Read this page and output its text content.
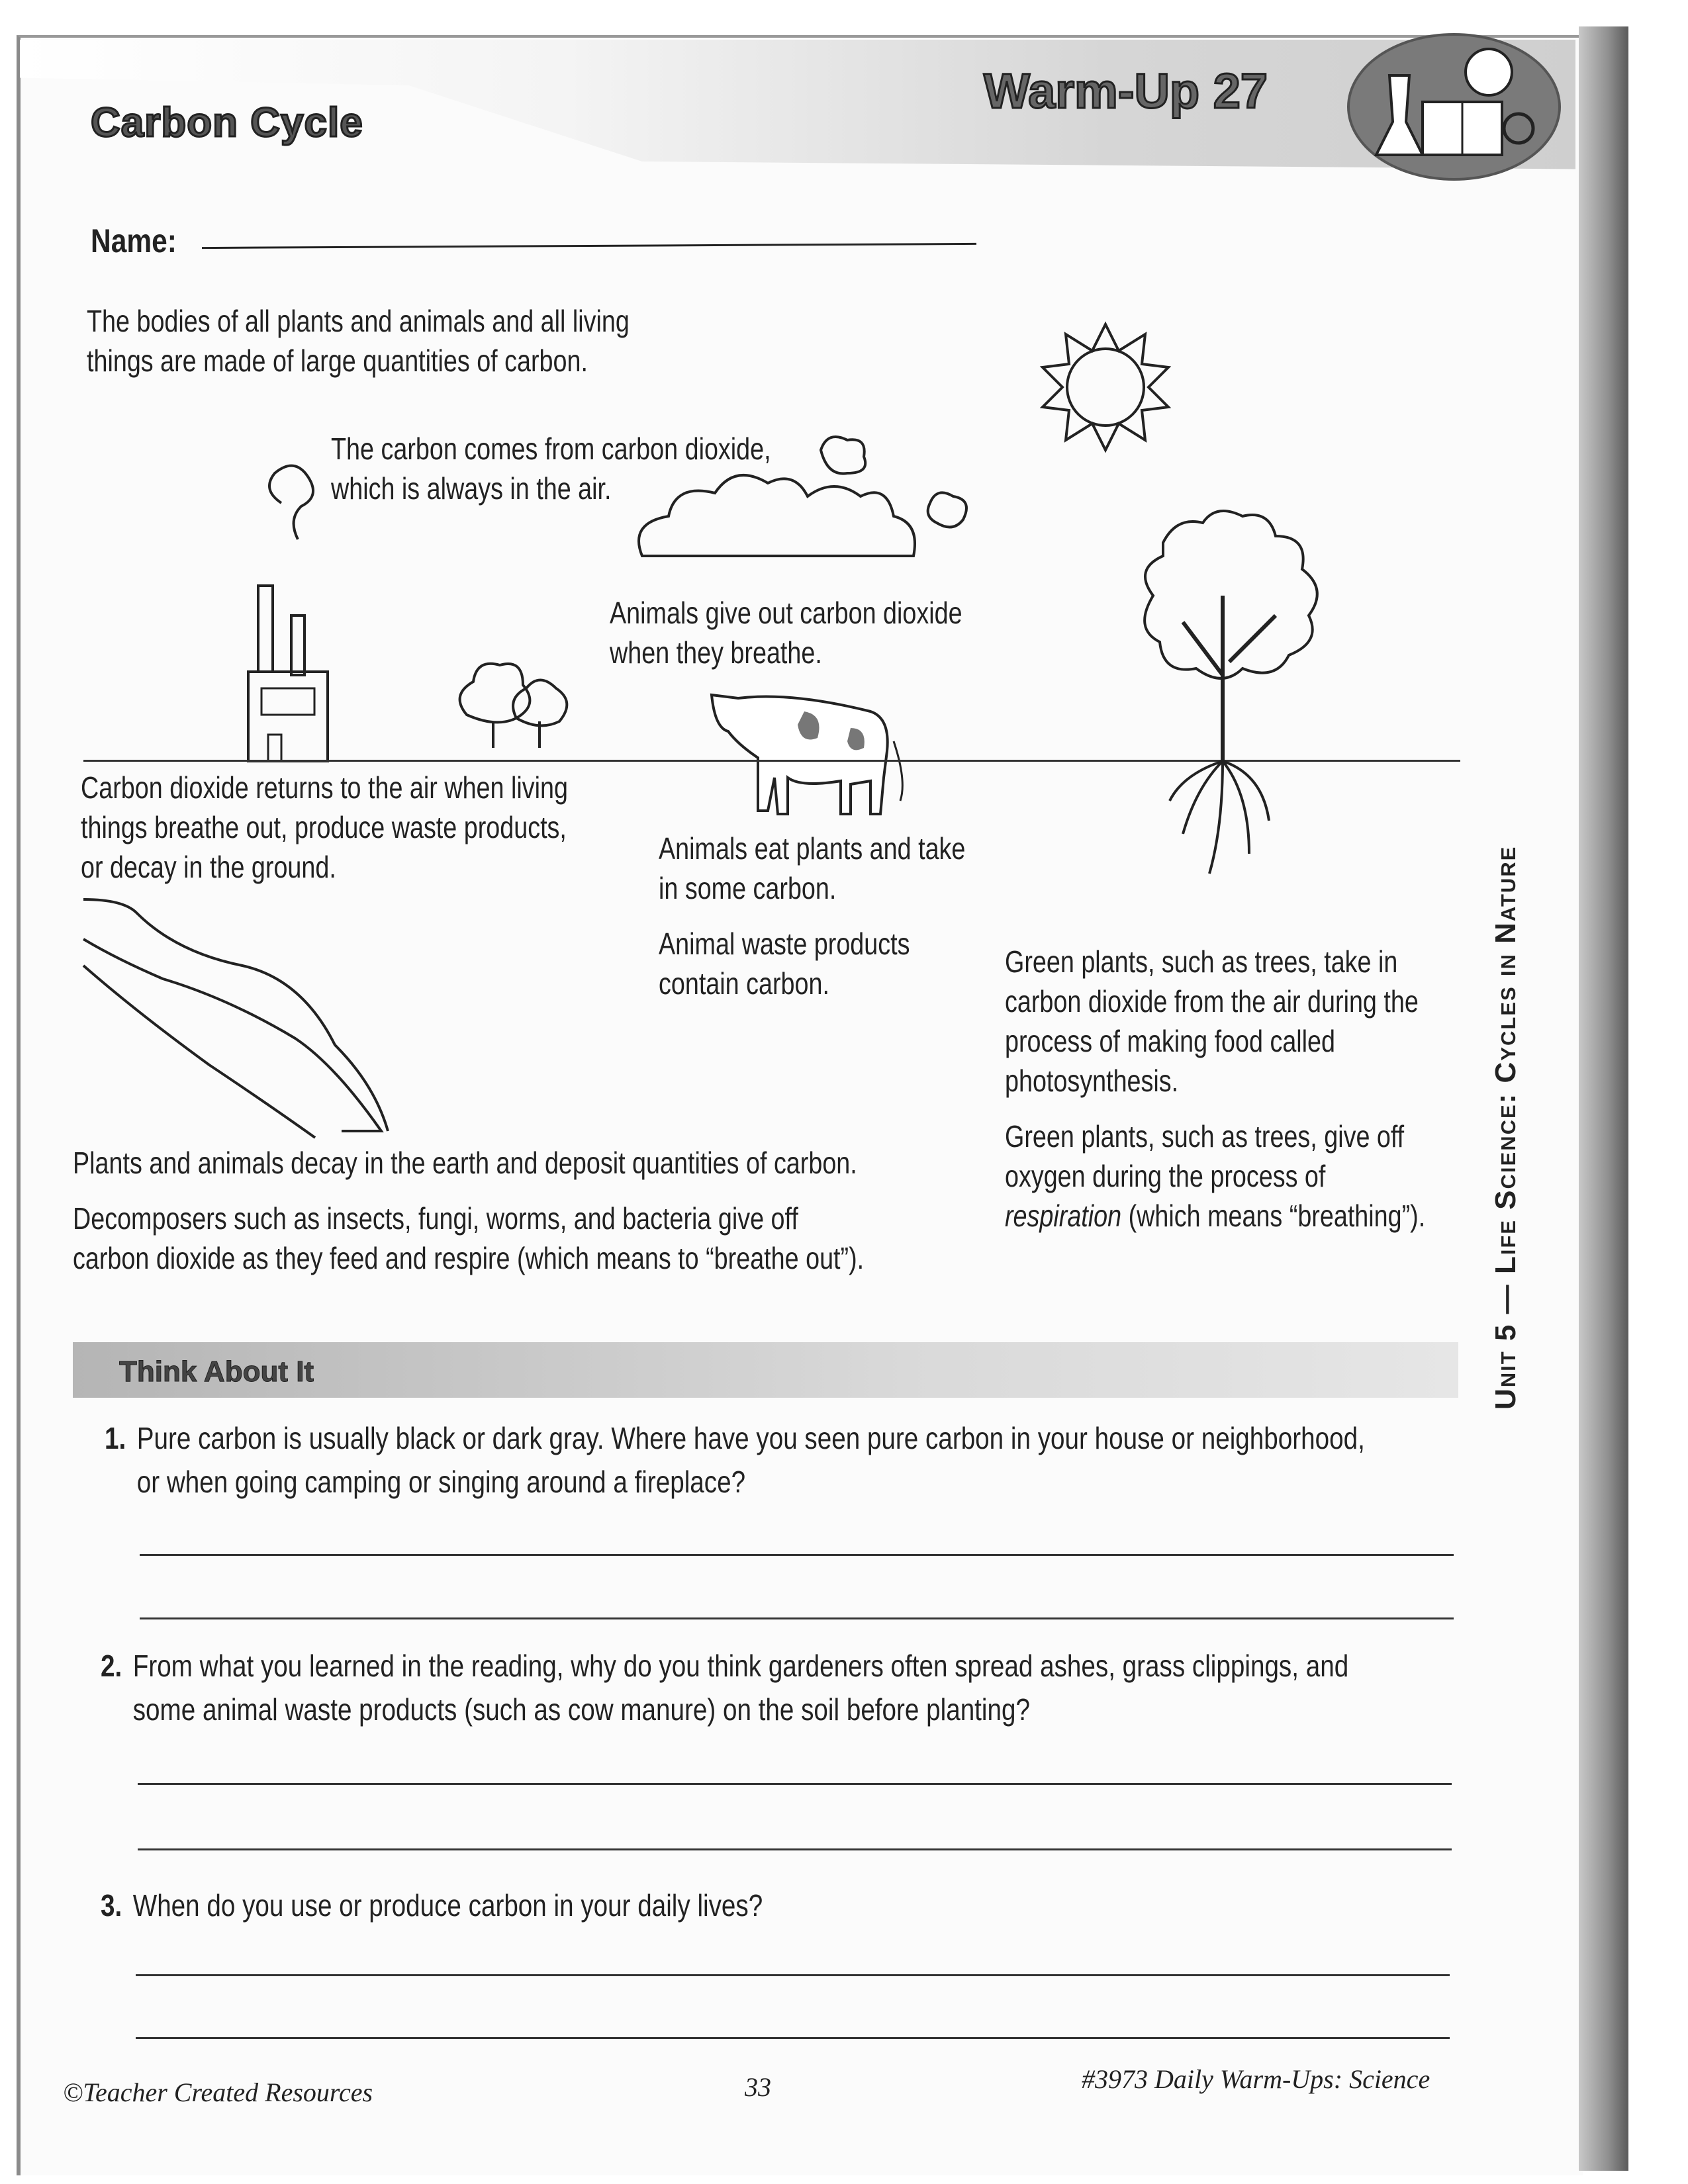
Carbon Cycle
Warm-Up 27
Name:
The bodies of all plants and animals and all living
things are made of large quantities of carbon.
The carbon comes from carbon dioxide,
which is always in the air.
Animals give out carbon dioxide
when they breathe.
Carbon dioxide returns to the air when living
things breathe out, produce waste products,
or decay in the ground.
Animals eat plants and take
in some carbon.
Animal waste products
contain carbon.
Green plants, such as trees, take in
carbon dioxide from the air during the
process of making food called
photosynthesis.
Green plants, such as trees, give off
oxygen during the process of
respiration (which means “breathing”).
Plants and animals decay in the earth and deposit quantities of carbon.
Decomposers such as insects, fungi, worms, and bacteria give off
carbon dioxide as they feed and respire (which means to “breathe out”).
Think About It
1. Pure carbon is usually black or dark gray. Where have you seen pure carbon in your house or neighborhood,
or when going camping or singing around a fireplace?
2. From what you learned in the reading, why do you think gardeners often spread ashes, grass clippings, and
some animal waste products (such as cow manure) on the soil before planting?
3. When do you use or produce carbon in your daily lives?
©Teacher Created Resources	33	#3973 Daily Warm-Ups: Science
Unit 5 — Life Science: Cycles in Nature
